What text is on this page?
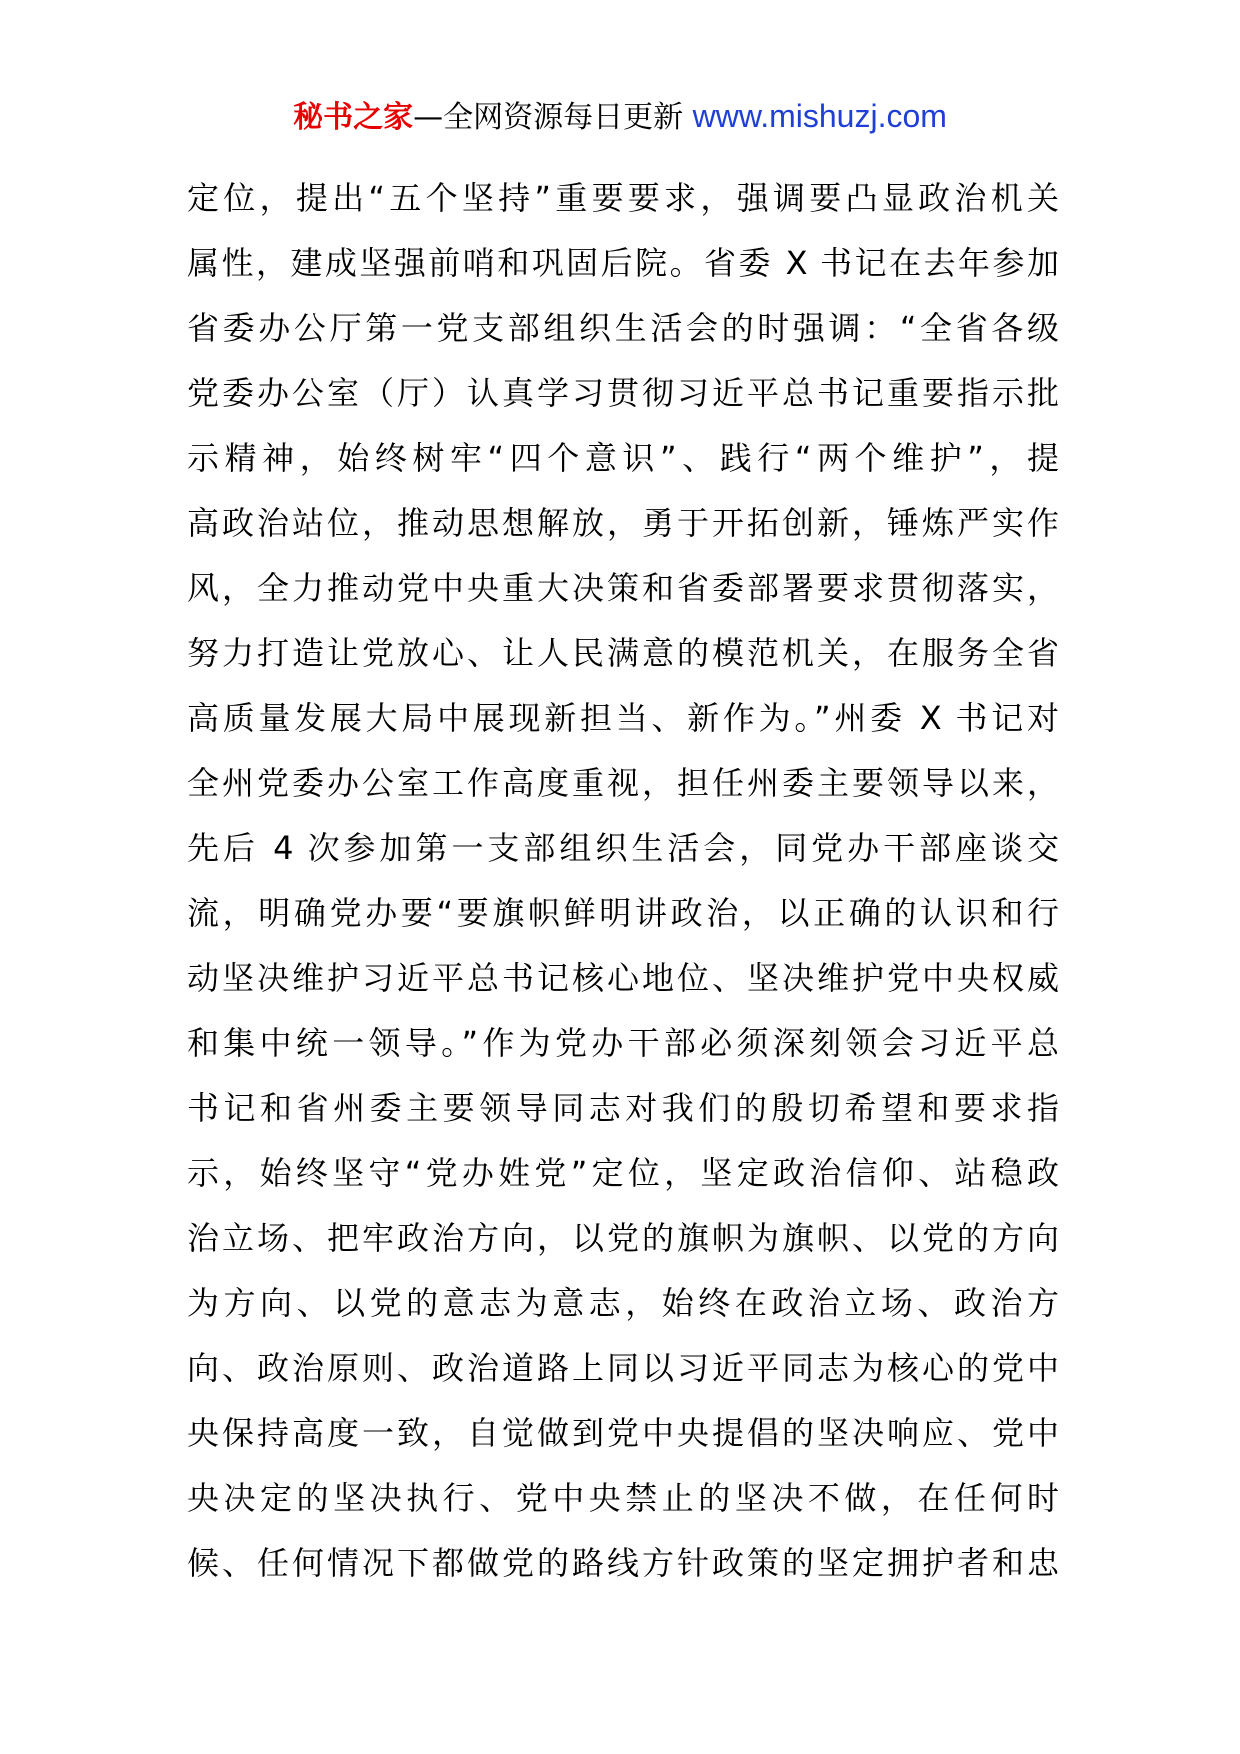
秘书之家—全网资源每日更新 www.mishuzj.com
定位，提出“五个坚持”重要要求，强调要凸显政治机关
属性，建成坚强前哨和巩固后院。省委 X 书记在去年参加
省委办公厅第一党支部组织生活会的时强调：“全省各级
党委办公室（厅）认真学习贯彻习近平总书记重要指示批
示精神，始终树牢“四个意识”、践行“两个维护”，提
高政治站位，推动思想解放，勇于开拓创新，锤炼严实作
风，全力推动党中央重大决策和省委部署要求贯彻落实，
努力打造让党放心、让人民满意的模范机关，在服务全省
高质量发展大局中展现新担当、新作为。”州委 X 书记对
全州党委办公室工作高度重视，担任州委主要领导以来，
先后 4 次参加第一支部组织生活会，同党办干部座谈交
流，明确党办要“要旗帜鲜明讲政治，以正确的认识和行
动坚决维护习近平总书记核心地位、坚决维护党中央权威
和集中统一领导。”作为党办干部必须深刻领会习近平总
书记和省州委主要领导同志对我们的殷切希望和要求指
示，始终坚守“党办姓党”定位，坚定政治信仰、站稳政
治立场、把牢政治方向，以党的旗帜为旗帜、以党的方向
为方向、以党的意志为意志，始终在政治立场、政治方
向、政治原则、政治道路上同以习近平同志为核心的党中
央保持高度一致，自觉做到党中央提倡的坚决响应、党中
央决定的坚决执行、党中央禁止的坚决不做，在任何时
候、任何情况下都做党的路线方针政策的坚定拥护者和忠
